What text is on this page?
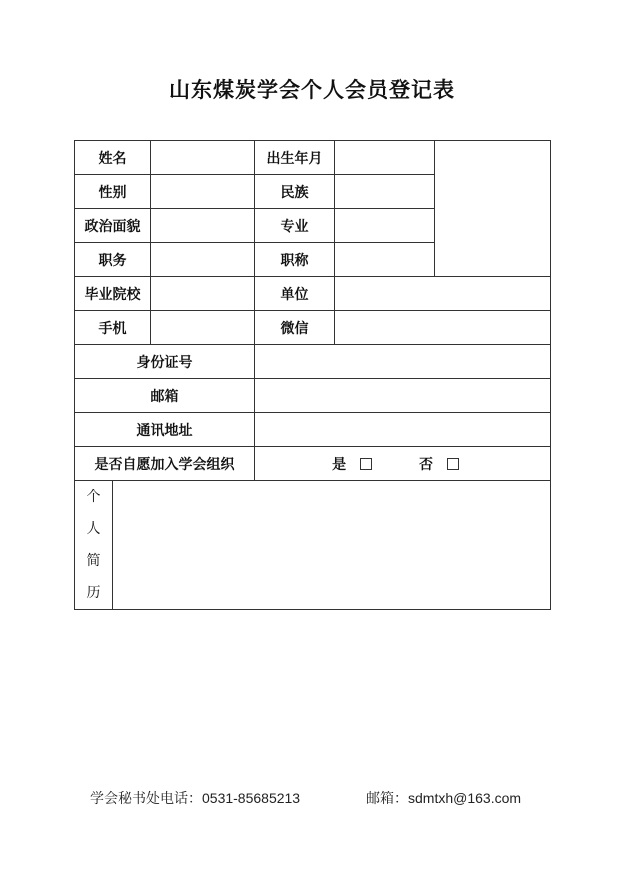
山东煤炭学会个人会员登记表
姓名			出生年月		
性别			民族		
政治面貌			专业		
职务			职称		
毕业院校			单位		
手机			微信		
身份证号					
邮箱					
通讯地址					
是否自愿加入学会组织			是 否		
个人简历					
学会秘书处电话：0531-85685213	邮箱：sdmtxh@163.com
